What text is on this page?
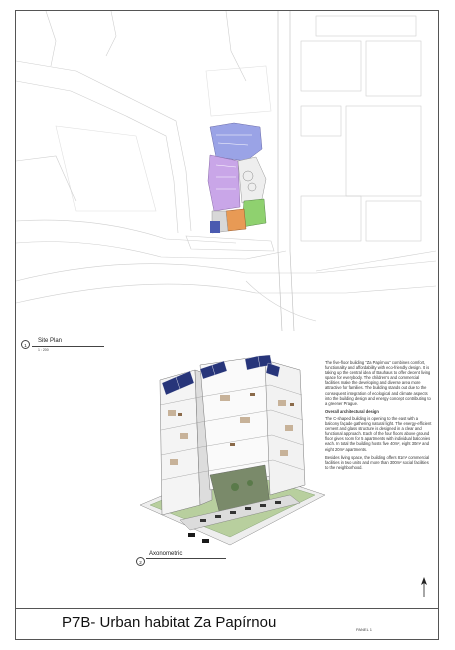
1
Site Plan
1 : 200
2
Axonometric

The five-floor building "Za Papírnou" combines comfort, functionality and affordability with eco-friendly design. It is taking up the central idea of Bauhaus to offer decent living space for everybody. The children's and commercial facilities make the developing and diverse area more attractive for families. The building stands out due to the consequent integration of ecological and climate aspects into the building design and energy concept contributing to a greener Prague.

Overall architectural design

The C-shaped building is opening to the east with a balcony façade gathering natural light. The energy-efficient cement and glass structure is designed in a clear and functional approach. Each of the four floors above ground floor gives room for 5 apartments with individual balconies each. In total the building hosts five 40m², eight 30m² and eight 20m² apartments.

Besides living space, the building offers 81m² commercial facilities in two units and more than 300m² social facilities to the neighborhood.

P7B- Urban habitat Za Papírnou	PANEL 1
